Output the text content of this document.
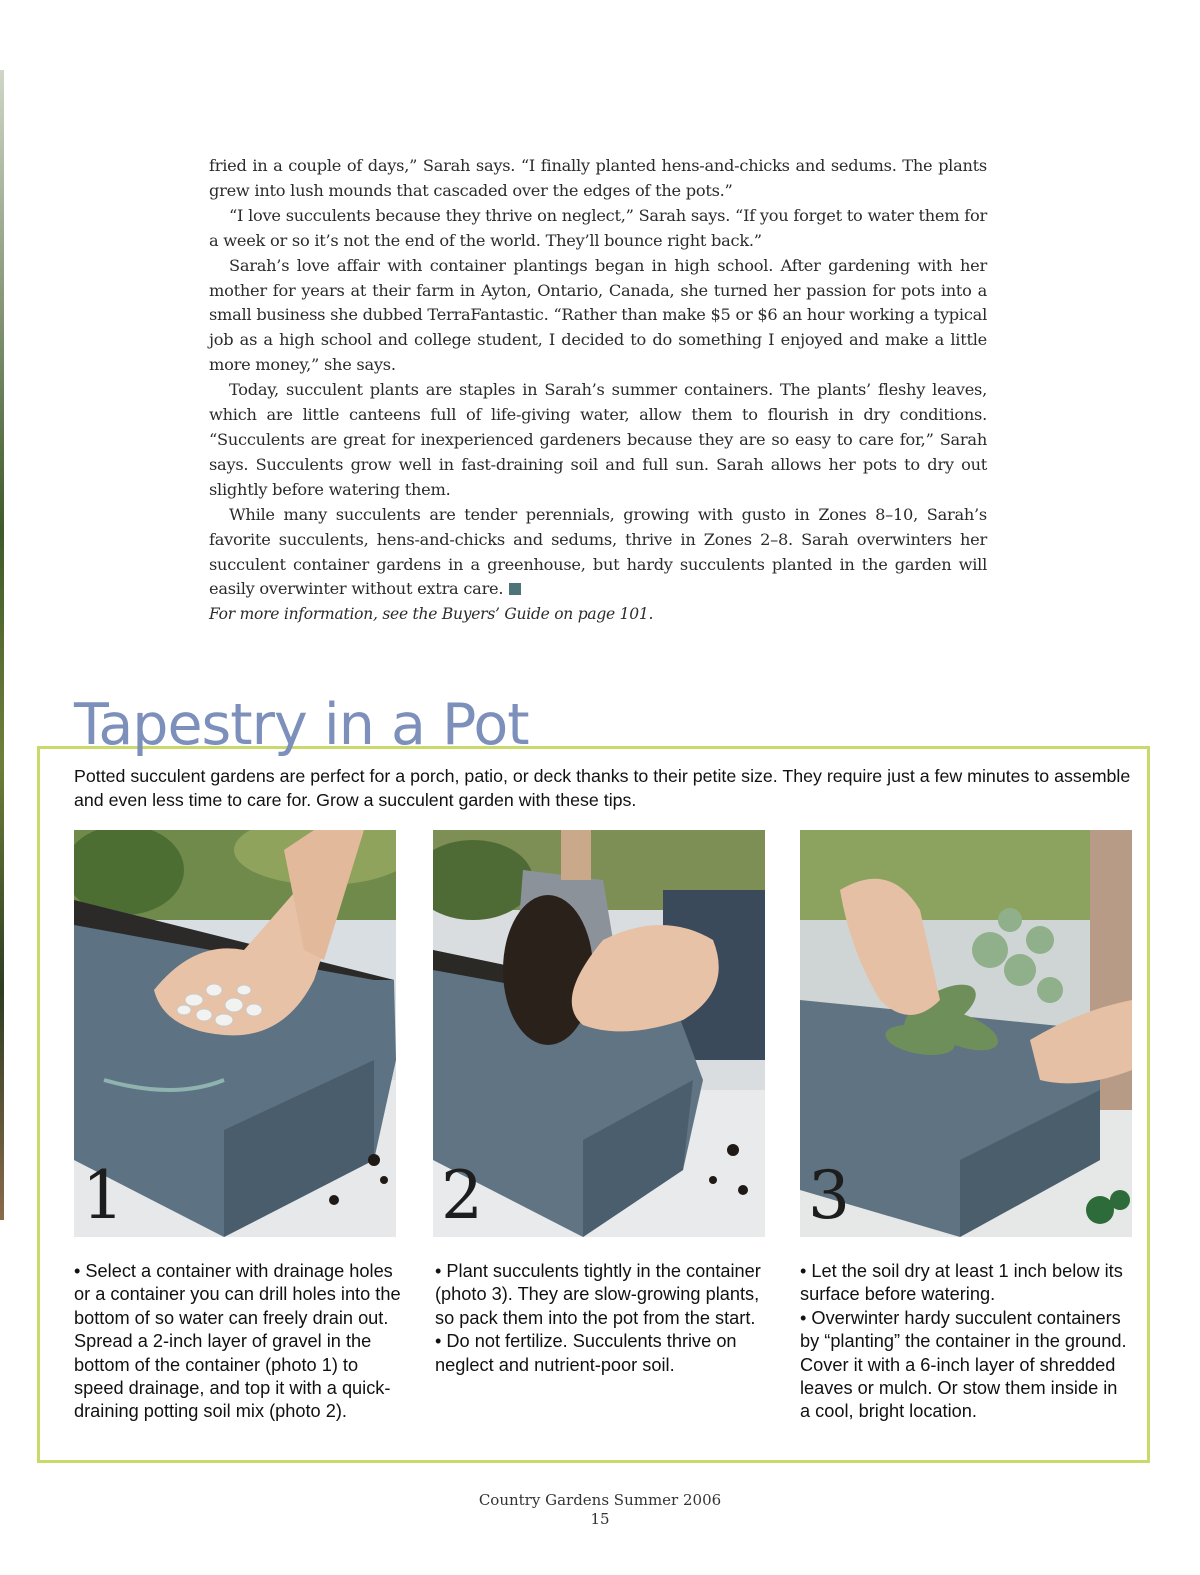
fried in a couple of days,” Sarah says. “I finally planted hens-and-chicks and sedums. The plants grew into lush mounds that cascaded over the edges of the pots.”

“I love succulents because they thrive on neglect,” Sarah says. “If you forget to water them for a week or so it’s not the end of the world. They’ll bounce right back.”

Sarah’s love affair with container plantings began in high school. After gardening with her mother for years at their farm in Ayton, Ontario, Canada, she turned her passion for pots into a small business she dubbed TerraFantastic. “Rather than make $5 or $6 an hour working a typical job as a high school and college student, I decided to do something I enjoyed and make a little more money,” she says.

Today, succulent plants are staples in Sarah’s summer containers. The plants’ fleshy leaves, which are little canteens full of life-giving water, allow them to flourish in dry conditions. “Succulents are great for inexperienced gardeners because they are so easy to care for,” Sarah says. Succulents grow well in fast-draining soil and full sun. Sarah allows her pots to dry out slightly before watering them.

While many succulents are tender perennials, growing with gusto in Zones 8–10, Sarah’s favorite succulents, hens-and-chicks and sedums, thrive in Zones 2–8. Sarah overwinters her succulent container gardens in a greenhouse, but hardy succulents planted in the garden will easily overwinter without extra care.

For more information, see the Buyers’ Guide on page 101.

Tapestry in a Pot

Potted succulent gardens are perfect for a porch, patio, or deck thanks to their petite size. They require just a few minutes to assemble and even less time to care for. Grow a succulent garden with these tips.

1	2	3

• Select a container with drainage holes or a container you can drill holes into the bottom of so water can freely drain out. Spread a 2-inch layer of gravel in the bottom of the container (photo 1) to speed drainage, and top it with a quick-draining potting soil mix (photo 2).

• Plant succulents tightly in the container (photo 3). They are slow-growing plants, so pack them into the pot from the start.

• Do not fertilize. Succulents thrive on neglect and nutrient-poor soil.

• Let the soil dry at least 1 inch below its surface before watering.

• Overwinter hardy succulent containers by “planting” the container in the ground. Cover it with a 6-inch layer of shredded leaves or mulch. Or stow them inside in a cool, bright location.

Country Gardens Summer 2006
15
